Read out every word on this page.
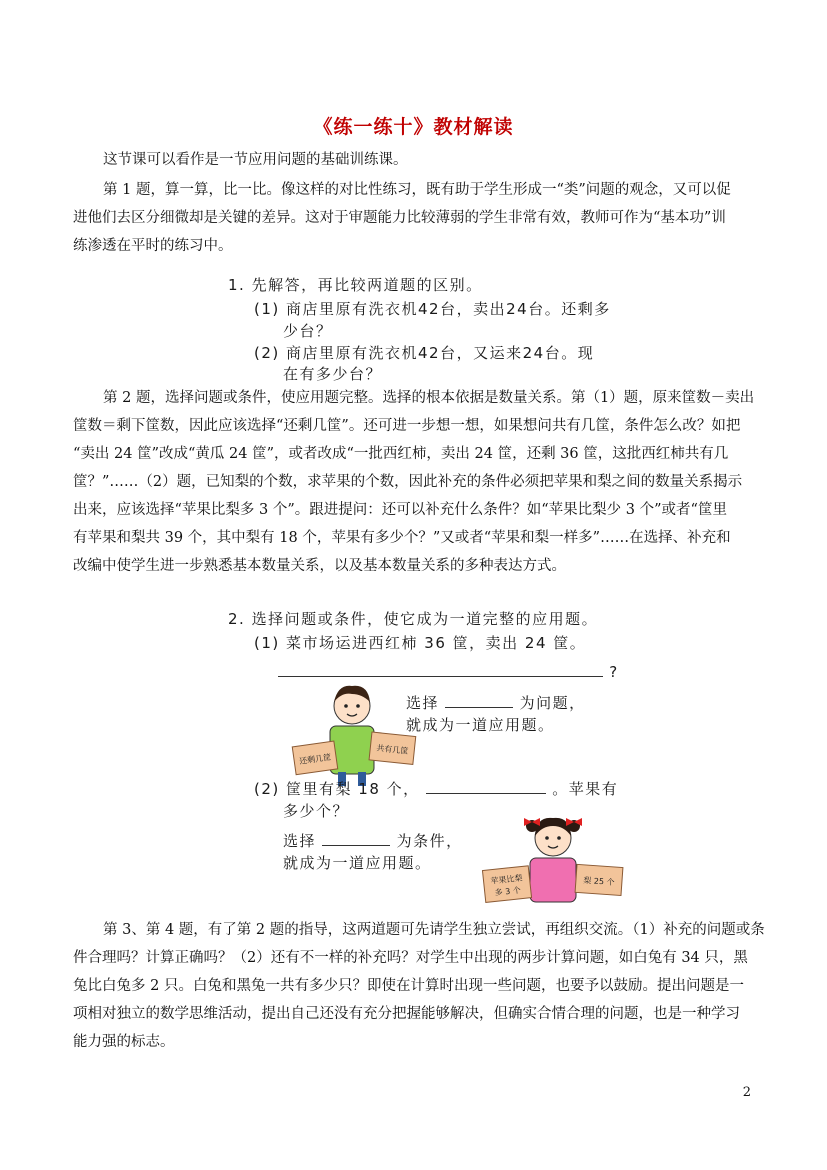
《练一练十》教材解读
这节课可以看作是一节应用问题的基础训练课。
第 1 题，算一算，比一比。像这样的对比性练习，既有助于学生形成一“类”问题的观念，又可以促
进他们去区分细微却是关键的差异。这对于审题能力比较薄弱的学生非常有效，教师可作为“基本功”训
练渗透在平时的练习中。
1. 先解答，再比较两道题的区别。
(1) 商店里原有洗衣机42台，卖出24台。还剩多
少台？
(2) 商店里原有洗衣机42台，又运来24台。现
在有多少台？
第 2 题，选择问题或条件，使应用题完整。选择的根本依据是数量关系。第（1）题，原来筐数－卖出
筐数＝剩下筐数，因此应该选择“还剩几筐”。还可进一步想一想，如果想问共有几筐，条件怎么改？如把
“卖出 24 筐”改成“黄瓜 24 筐”，或者改成“一批西红柿，卖出 24 筐，还剩 36 筐，这批西红柿共有几
筐？”……（2）题，已知梨的个数，求苹果的个数，因此补充的条件必须把苹果和梨之间的数量关系揭示
出来，应该选择“苹果比梨多 3 个”。跟进提问：还可以补充什么条件？如“苹果比梨少 3 个”或者“筐里
有苹果和梨共 39 个，其中梨有 18 个，苹果有多少个？”又或者“苹果和梨一样多”……在选择、补充和
改编中使学生进一步熟悉基本数量关系，以及基本数量关系的多种表达方式。
2. 选择问题或条件，使它成为一道完整的应用题。
(1) 菜市场运进西红柿 36 筐，卖出 24 筐。
?
还剩几筐
共有几筐
选择	为问题，
就成为一道应用题。
(2) 筐里有梨 18 个，	。苹果有
多少个？
选择	为条件，
就成为一道应用题。
苹果比梨
多 3 个
梨 25 个
第 3、第 4 题，有了第 2 题的指导，这两道题可先请学生独立尝试，再组织交流。（1）补充的问题或条
件合理吗？计算正确吗？（2）还有不一样的补充吗？对学生中出现的两步计算问题，如白兔有 34 只，黑
兔比白兔多 2 只。白兔和黑兔一共有多少只？即使在计算时出现一些问题，也要予以鼓励。提出问题是一
项相对独立的数学思维活动，提出自己还没有充分把握能够解决，但确实合情合理的问题，也是一种学习
能力强的标志。
2
